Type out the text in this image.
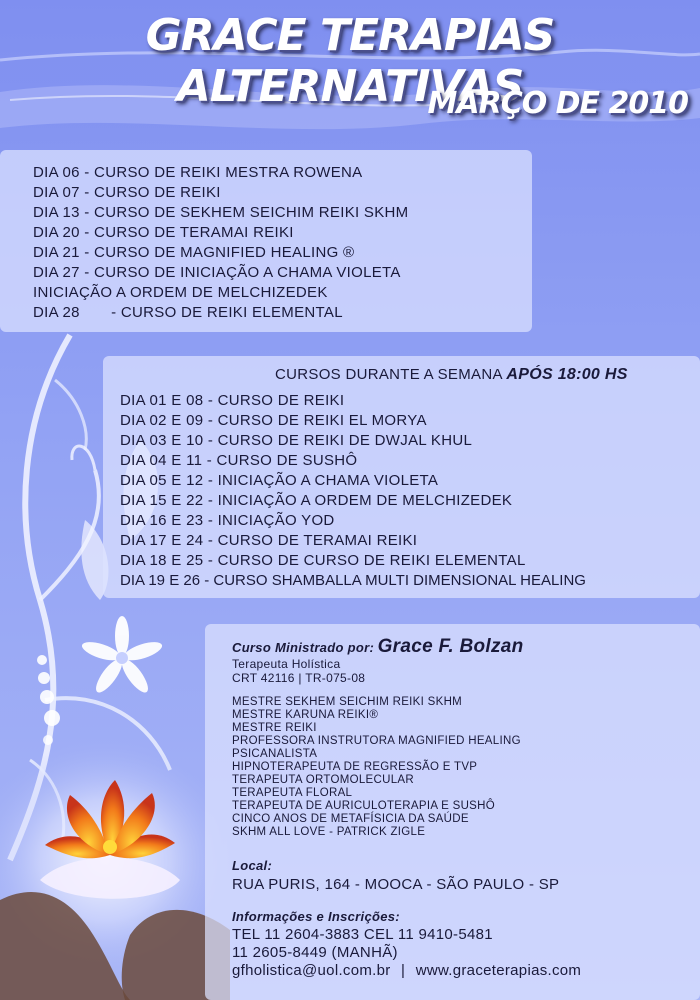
GRACE TERAPIAS ALTERNATIVAS
MARÇO DE 2010
DIA 06 - CURSO DE REIKI MESTRA ROWENA
DIA 07 - CURSO DE REIKI
DIA 13 - CURSO DE SEKHEM SEICHIM REIKI SKHM
DIA 20 - CURSO DE TERAMAI REIKI
DIA 21 - CURSO DE MAGNIFIED HEALING ®
DIA 27 - CURSO DE INICIAÇÃO A CHAMA VIOLETA
INICIAÇÃO A ORDEM DE MELCHIZEDEK
DIA 28       - CURSO DE REIKI ELEMENTAL
CURSOS DURANTE A SEMANA APÓS 18:00 HS
DIA 01 E 08 - CURSO DE REIKI
DIA 02 E 09 - CURSO DE REIKI EL MORYA
DIA 03 E 10 - CURSO DE REIKI DE DWJAL KHUL
DIA 04 E 11 - CURSO DE SUSHÔ
DIA 05 E 12 - INICIAÇÃO A CHAMA VIOLETA
DIA 15 E 22 - INICIAÇÃO A ORDEM DE MELCHIZEDEK
DIA 16 E 23 - INICIAÇÃO YOD
DIA 17 E 24 - CURSO DE TERAMAI REIKI
DIA 18 E 25 - CURSO DE CURSO DE REIKI ELEMENTAL
DIA 19 E 26 - CURSO SHAMBALLA MULTI DIMENSIONAL HEALING
Curso Ministrado por: Grace F. Bolzan
Terapeuta Holística
CRT 42116 | TR-075-08
MESTRE SEKHEM SEICHIM REIKI SKHM
MESTRE KARUNA REIKI®
MESTRE REIKI
PROFESSORA INSTRUTORA MAGNIFIED HEALING
PSICANALISTA
HIPNOTERAPEUTA DE REGRESSÃO E TVP
TERAPEUTA ORTOMOLECULAR
TERAPEUTA FLORAL
TERAPEUTA DE AURICULOTERAPIA E SUSHÔ
CINCO ANOS DE METAFÍSICIA DA SAÚDE
SKHM ALL LOVE - PATRICK ZIGLE
Local:
RUA PURIS, 164 - MOOCA - SÃO PAULO - SP
Informações e Inscrições:
TEL 11 2604-3883 CEL 11 9410-5481
11 2605-8449 (MANHÃ)
gfholistica@uol.com.br | www.graceterapias.com
